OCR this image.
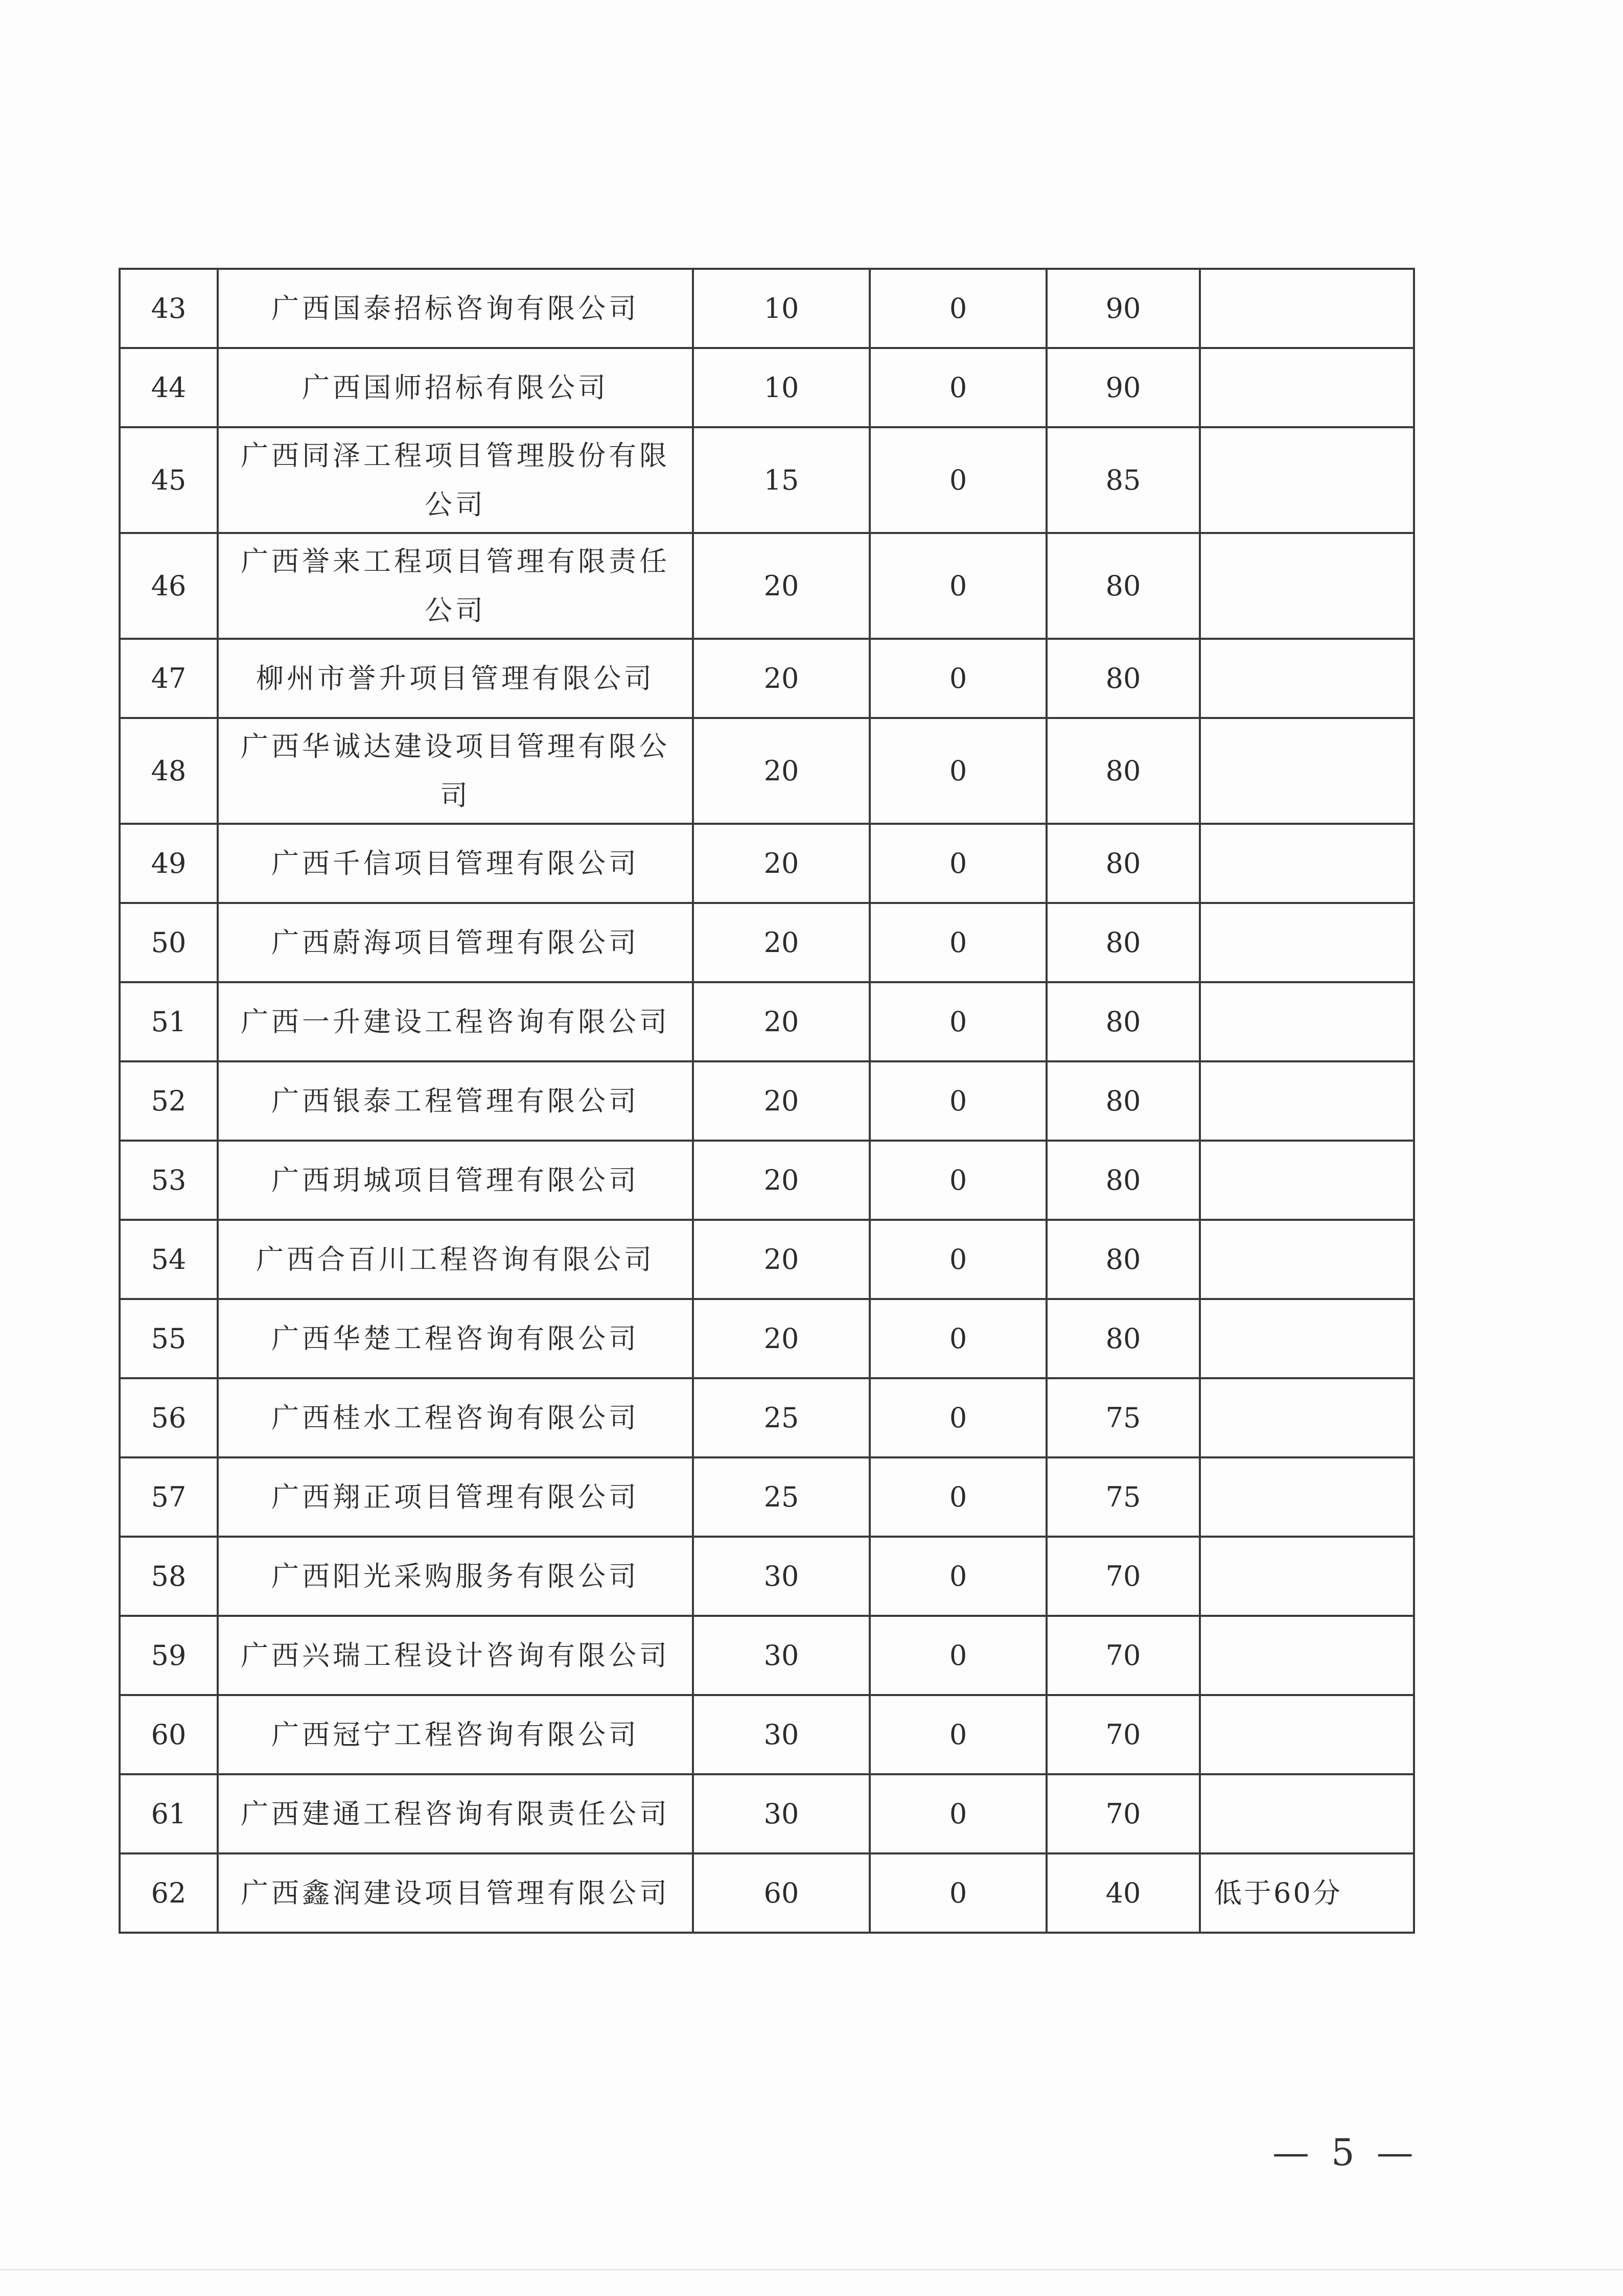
43	广西国泰招标咨询有限公司	10	0	90	
44	广西国师招标有限公司	10	0	90	
45	广西同泽工程项目管理股份有限公司	15	0	85	
46	广西誉来工程项目管理有限责任公司	20	0	80	
47	柳州市誉升项目管理有限公司	20	0	80	
48	广西华诚达建设项目管理有限公司	20	0	80	
49	广西千信项目管理有限公司	20	0	80	
50	广西蔚海项目管理有限公司	20	0	80	
51	广西一升建设工程咨询有限公司	20	0	80	
52	广西银泰工程管理有限公司	20	0	80	
53	广西玥城项目管理有限公司	20	0	80	
54	广西合百川工程咨询有限公司	20	0	80	
55	广西华楚工程咨询有限公司	20	0	80	
56	广西桂水工程咨询有限公司	25	0	75	
57	广西翔正项目管理有限公司	25	0	75	
58	广西阳光采购服务有限公司	30	0	70	
59	广西兴瑞工程设计咨询有限公司	30	0	70	
60	广西冠宁工程咨询有限公司	30	0	70	
61	广西建通工程咨询有限责任公司	30	0	70	
62	广西鑫润建设项目管理有限公司	60	0	40	低于60分
— 5 —
